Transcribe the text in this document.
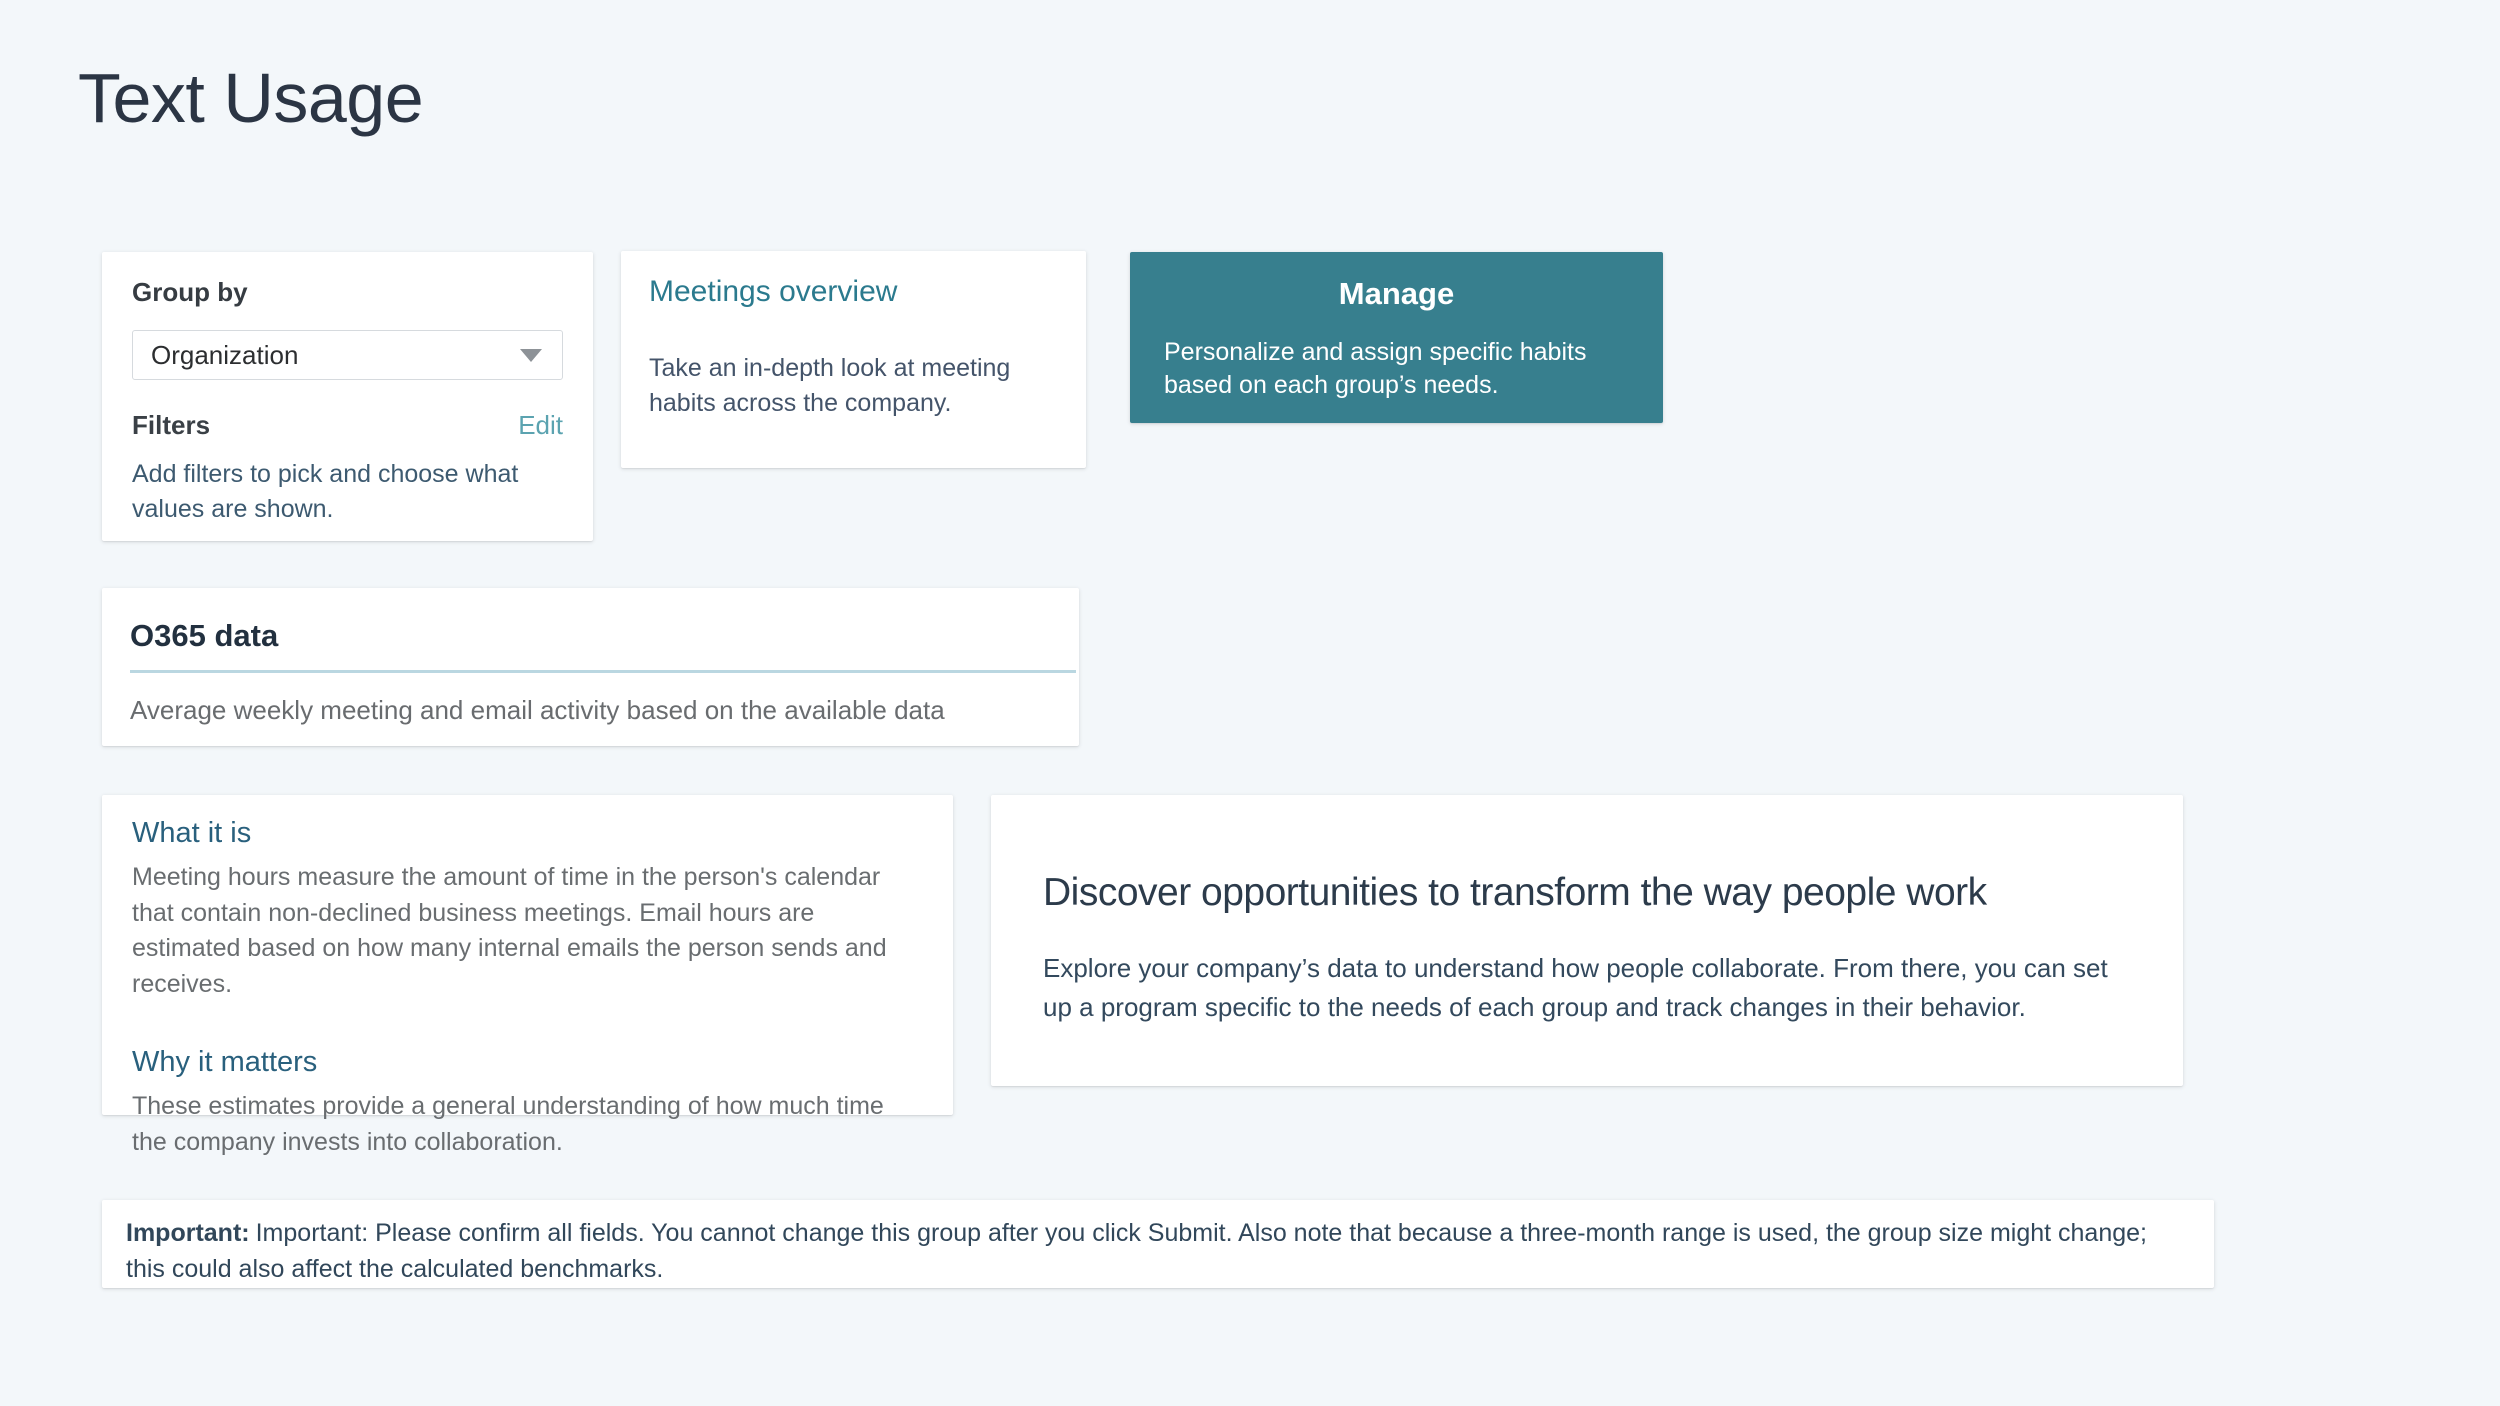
Text Usage
Group by
Organization
Filters	Edit
Add filters to pick and choose what values are shown.
Meetings overview
Take an in-depth look at meeting habits across the company.
Manage
Personalize and assign specific habits based on each group’s needs.
O365 data
Average weekly meeting and email activity based on the available data
What it is
Meeting hours measure the amount of time in the person's calendar that contain non-declined business meetings. Email hours are estimated based on how many internal emails the person sends and receives.
Why it matters
These estimates provide a general understanding of how much time the company invests into collaboration.
Discover opportunities to transform the way people work
Explore your company’s data to understand how people collaborate. From there, you can set up a program specific to the needs of each group and track changes in their behavior.
Important: Important: Please confirm all fields. You cannot change this group after you click Submit. Also note that because a three-month range is used, the group size might change; this could also affect the calculated benchmarks.
